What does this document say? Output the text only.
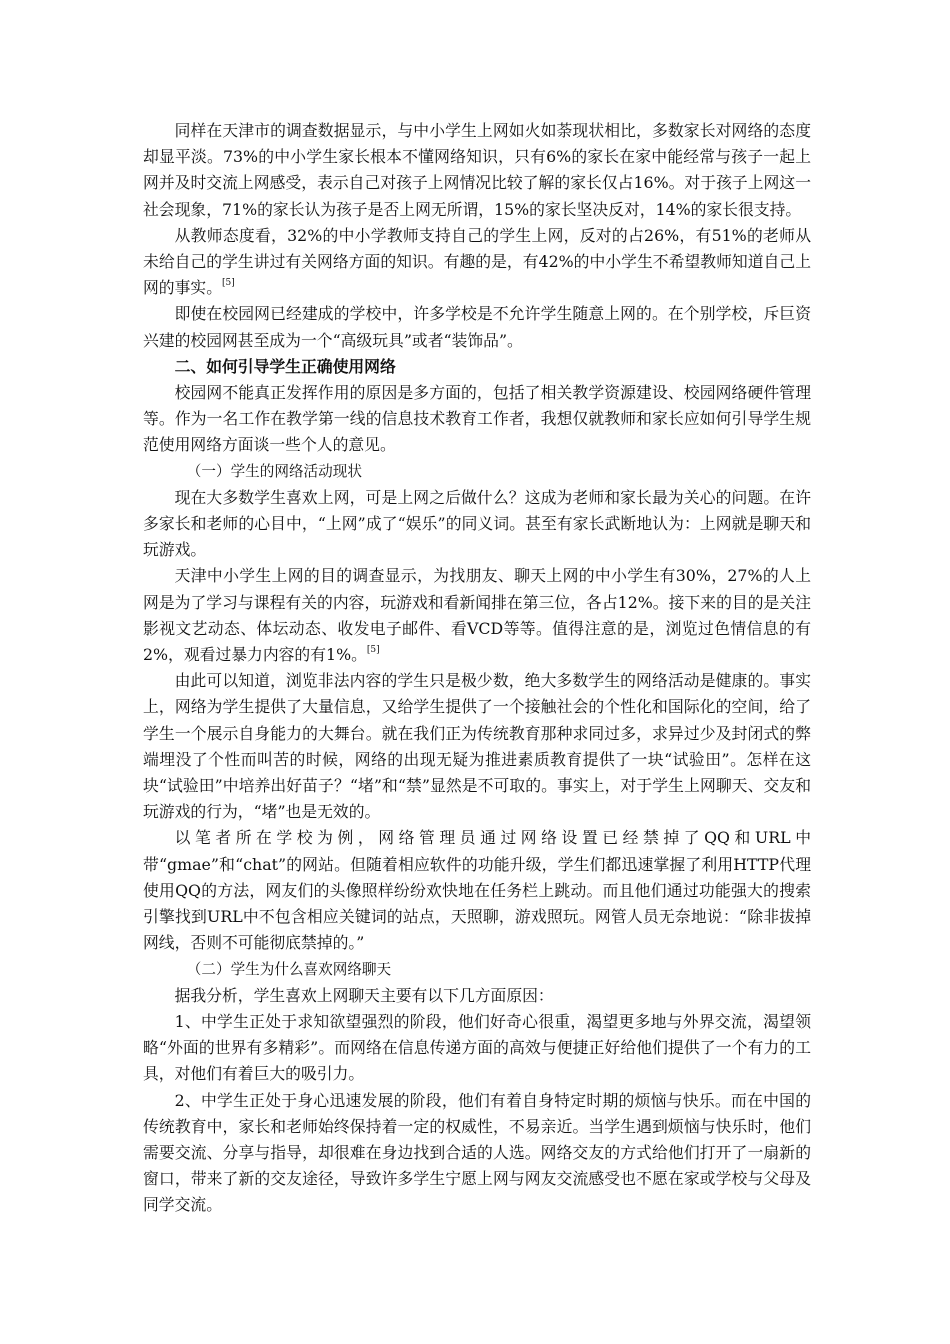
同样在天津市的调查数据显示，与中小学生上网如火如荼现状相比，多数家长对网络的态度却显平淡。73%的中小学生家长根本不懂网络知识，只有6%的家长在家中能经常与孩子一起上网并及时交流上网感受，表示自己对孩子上网情况比较了解的家长仅占16%。对于孩子上网这一社会现象，71%的家长认为孩子是否上网无所谓，15%的家长坚决反对，14%的家长很支持。

从教师态度看，32%的中小学教师支持自己的学生上网，反对的占26%，有51%的老师从未给自己的学生讲过有关网络方面的知识。有趣的是，有42%的中小学生不希望教师知道自己上网的事实。[5]

即使在校园网已经建成的学校中，许多学校是不允许学生随意上网的。在个别学校，斥巨资兴建的校园网甚至成为一个“高级玩具”或者“装饰品”。

二、如何引导学生正确使用网络

校园网不能真正发挥作用的原因是多方面的，包括了相关教学资源建设、校园网络硬件管理等。作为一名工作在教学第一线的信息技术教育工作者，我想仅就教师和家长应如何引导学生规范使用网络方面谈一些个人的意见。

（一）学生的网络活动现状

现在大多数学生喜欢上网，可是上网之后做什么？这成为老师和家长最为关心的问题。在许多家长和老师的心目中，“上网”成了“娱乐”的同义词。甚至有家长武断地认为：上网就是聊天和玩游戏。

天津中小学生上网的目的调查显示，为找朋友、聊天上网的中小学生有30%，27%的人上网是为了学习与课程有关的内容，玩游戏和看新闻排在第三位，各占12%。接下来的目的是关注影视文艺动态、体坛动态、收发电子邮件、看VCD等等。值得注意的是，浏览过色情信息的有2%，观看过暴力内容的有1%。[5]

由此可以知道，浏览非法内容的学生只是极少数，绝大多数学生的网络活动是健康的。事实上，网络为学生提供了大量信息，又给学生提供了一个接触社会的个性化和国际化的空间，给了学生一个展示自身能力的大舞台。就在我们正为传统教育那种求同过多，求异过少及封闭式的弊端埋没了个性而叫苦的时候，网络的出现无疑为推进素质教育提供了一块“试验田”。怎样在这块“试验田”中培养出好苗子？“堵”和“禁”显然是不可取的。事实上，对于学生上网聊天、交友和玩游戏的行为，“堵”也是无效的。

以笔者所在学校为例，网络管理员通过网络设置已经禁掉了QQ和URL中带“gmae”和“chat”的网站。但随着相应软件的功能升级，学生们都迅速掌握了利用HTTP代理使用QQ的方法，网友们的头像照样纷纷欢快地在任务栏上跳动。而且他们通过功能强大的搜索引擎找到URL中不包含相应关键词的站点，天照聊，游戏照玩。网管人员无奈地说：“除非拔掉网线，否则不可能彻底禁掉的。”

（二）学生为什么喜欢网络聊天

据我分析，学生喜欢上网聊天主要有以下几方面原因：

1、中学生正处于求知欲望强烈的阶段，他们好奇心很重，渴望更多地与外界交流，渴望领略“外面的世界有多精彩”。而网络在信息传递方面的高效与便捷正好给他们提供了一个有力的工具，对他们有着巨大的吸引力。

2、中学生正处于身心迅速发展的阶段，他们有着自身特定时期的烦恼与快乐。而在中国的传统教育中，家长和老师始终保持着一定的权威性，不易亲近。当学生遇到烦恼与快乐时，他们需要交流、分享与指导，却很难在身边找到合适的人选。网络交友的方式给他们打开了一扇新的窗口，带来了新的交友途径，导致许多学生宁愿上网与网友交流感受也不愿在家或学校与父母及同学交流。
